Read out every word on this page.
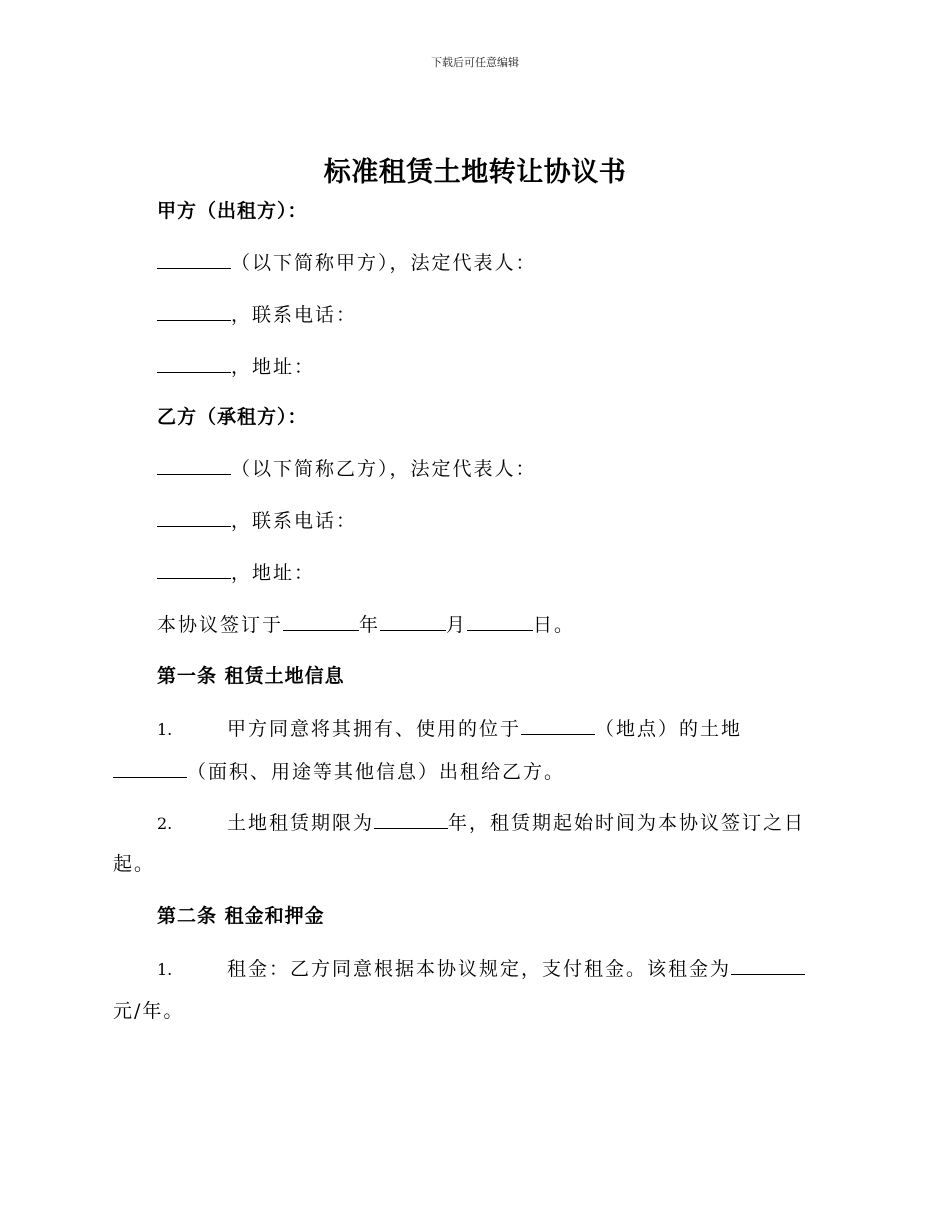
下载后可任意编辑
标准租赁土地转让协议书
甲方（出租方）：
（以下简称甲方），法定代表人：
，联系电话：
，地址：
乙方（承租方）：
（以下简称乙方），法定代表人：
，联系电话：
，地址：
本协议签订于	年	月	日。
第一条 租赁土地信息
1.	甲方同意将其拥有、使用的位于	（地点）的土地
（面积、用途等其他信息）出租给乙方。
2.	土地租赁期限为	年，租赁期起始时间为本协议签订之日
起。
第二条 租金和押金
1.	租金：乙方同意根据本协议规定，支付租金。该租金为
元/年。
